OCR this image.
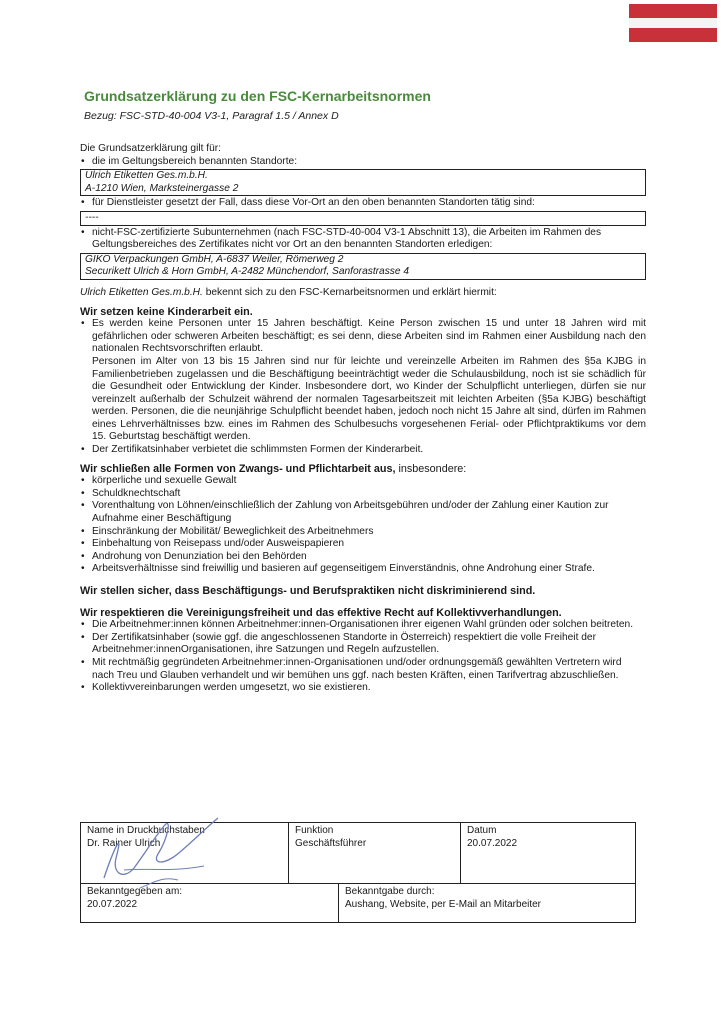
Grundsatzerklärung zu den FSC-Kernarbeitsnormen
Bezug: FSC-STD-40-004 V3-1, Paragraf 1.5 / Annex D

Die Grundsatzerklärung gilt für:

• die im Geltungsbereich benannten Standorte:
Ulrich Etiketten Ges.m.b.H.
A-1210 Wien, Marksteinergasse 2
• für Dienstleister gesetzt der Fall, dass diese Vor-Ort an den oben benannten Standorten tätig sind:
----
• nicht-FSC-zertifizierte Subunternehmen (nach FSC-STD-40-004 V3-1 Abschnitt 13), die Arbeiten im Rahmen des Geltungsbereiches des Zertifikates nicht vor Ort an den benannten Standorten erledigen:
GIKO Verpackungen GmbH, A-6837 Weiler, Römerweg 2
Securikett Ulrich & Horn GmbH, A-2482 Münchendorf, Sanforastrasse 4

Ulrich Etiketten Ges.m.b.H. bekennt sich zu den FSC-Kernarbeitsnormen und erklärt hiermit:

Wir setzen keine Kinderarbeit ein.
• Es werden keine Personen unter 15 Jahren beschäftigt. Keine Person zwischen 15 und unter 18 Jahren wird mit gefährlichen oder schweren Arbeiten beschäftigt; es sei denn, diese Arbeiten sind im Rahmen einer Ausbildung nach den nationalen Rechtsvorschriften erlaubt.
Personen im Alter von 13 bis 15 Jahren sind nur für leichte und vereinzelle Arbeiten im Rahmen des §5a KJBG in Familienbetrieben zugelassen und die Beschäftigung beeinträchtigt weder die Schulausbildung, noch ist sie schädlich für die Gesundheit oder Entwicklung der Kinder. Insbesondere dort, wo Kinder der Schulpflicht unterliegen, dürfen sie nur vereinzelt außerhalb der Schulzeit während der normalen Tagesarbeitszeit mit leichten Arbeiten (§5a KJBG) beschäftigt werden. Personen, die die neunjährige Schulpflicht beendet haben, jedoch noch nicht 15 Jahre alt sind, dürfen im Rahmen eines Lehrverhältnisses bzw. eines im Rahmen des Schulbesuchs vorgesehenen Ferial- oder Pflichtpraktikums vor dem 15. Geburtstag beschäftigt werden.
• Der Zertifikatsinhaber verbietet die schlimmsten Formen der Kinderarbeit.
Wir schließen alle Formen von Zwangs- und Pflichtarbeit aus, insbesondere:
• körperliche und sexuelle Gewalt
• Schuldknechtschaft
• Vorenthaltung von Löhnen/einschließlich der Zahlung von Arbeitsgebühren und/oder der Zahlung einer Kaution zur Aufnahme einer Beschäftigung
• Einschränkung der Mobilität/ Beweglichkeit des Arbeitnehmers
• Einbehaltung von Reisepass und/oder Ausweispapieren
• Androhung von Denunziation bei den Behörden
• Arbeitsverhältnisse sind freiwillig und basieren auf gegenseitigem Einverständnis, ohne Androhung einer Strafe.
Wir stellen sicher, dass Beschäftigungs- und Berufspraktiken nicht diskriminierend sind.
Wir respektieren die Vereinigungsfreiheit und das effektive Recht auf Kollektivverhandlungen.
• Die Arbeitnehmer:innen können Arbeitnehmer:innen-Organisationen ihrer eigenen Wahl gründen oder solchen beitreten.
• Der Zertifikatsinhaber (sowie ggf. die angeschlossenen Standorte in Österreich) respektiert die volle Freiheit der Arbeitnehmer:innenOrganisationen, ihre Satzungen und Regeln aufzustellen.
• Mit rechtmäßig gegründeten Arbeitnehmer:innen-Organisationen und/oder ordnungsgemäß gewählten Vertretern wird nach Treu und Glauben verhandelt und wir bemühen uns ggf. nach besten Kräften, einen Tarifvertrag abzuschließen.
• Kollektivvereinbarungen werden umgesetzt, wo sie existieren.
Name in Druckbuchstaben
Dr. Rainer Ulrich
Funktion
Geschäftsführer
Datum
20.07.2022
Bekanntgegeben am:
20.07.2022
Bekanntgabe durch:
Aushang, Website, per E-Mail an Mitarbeiter
